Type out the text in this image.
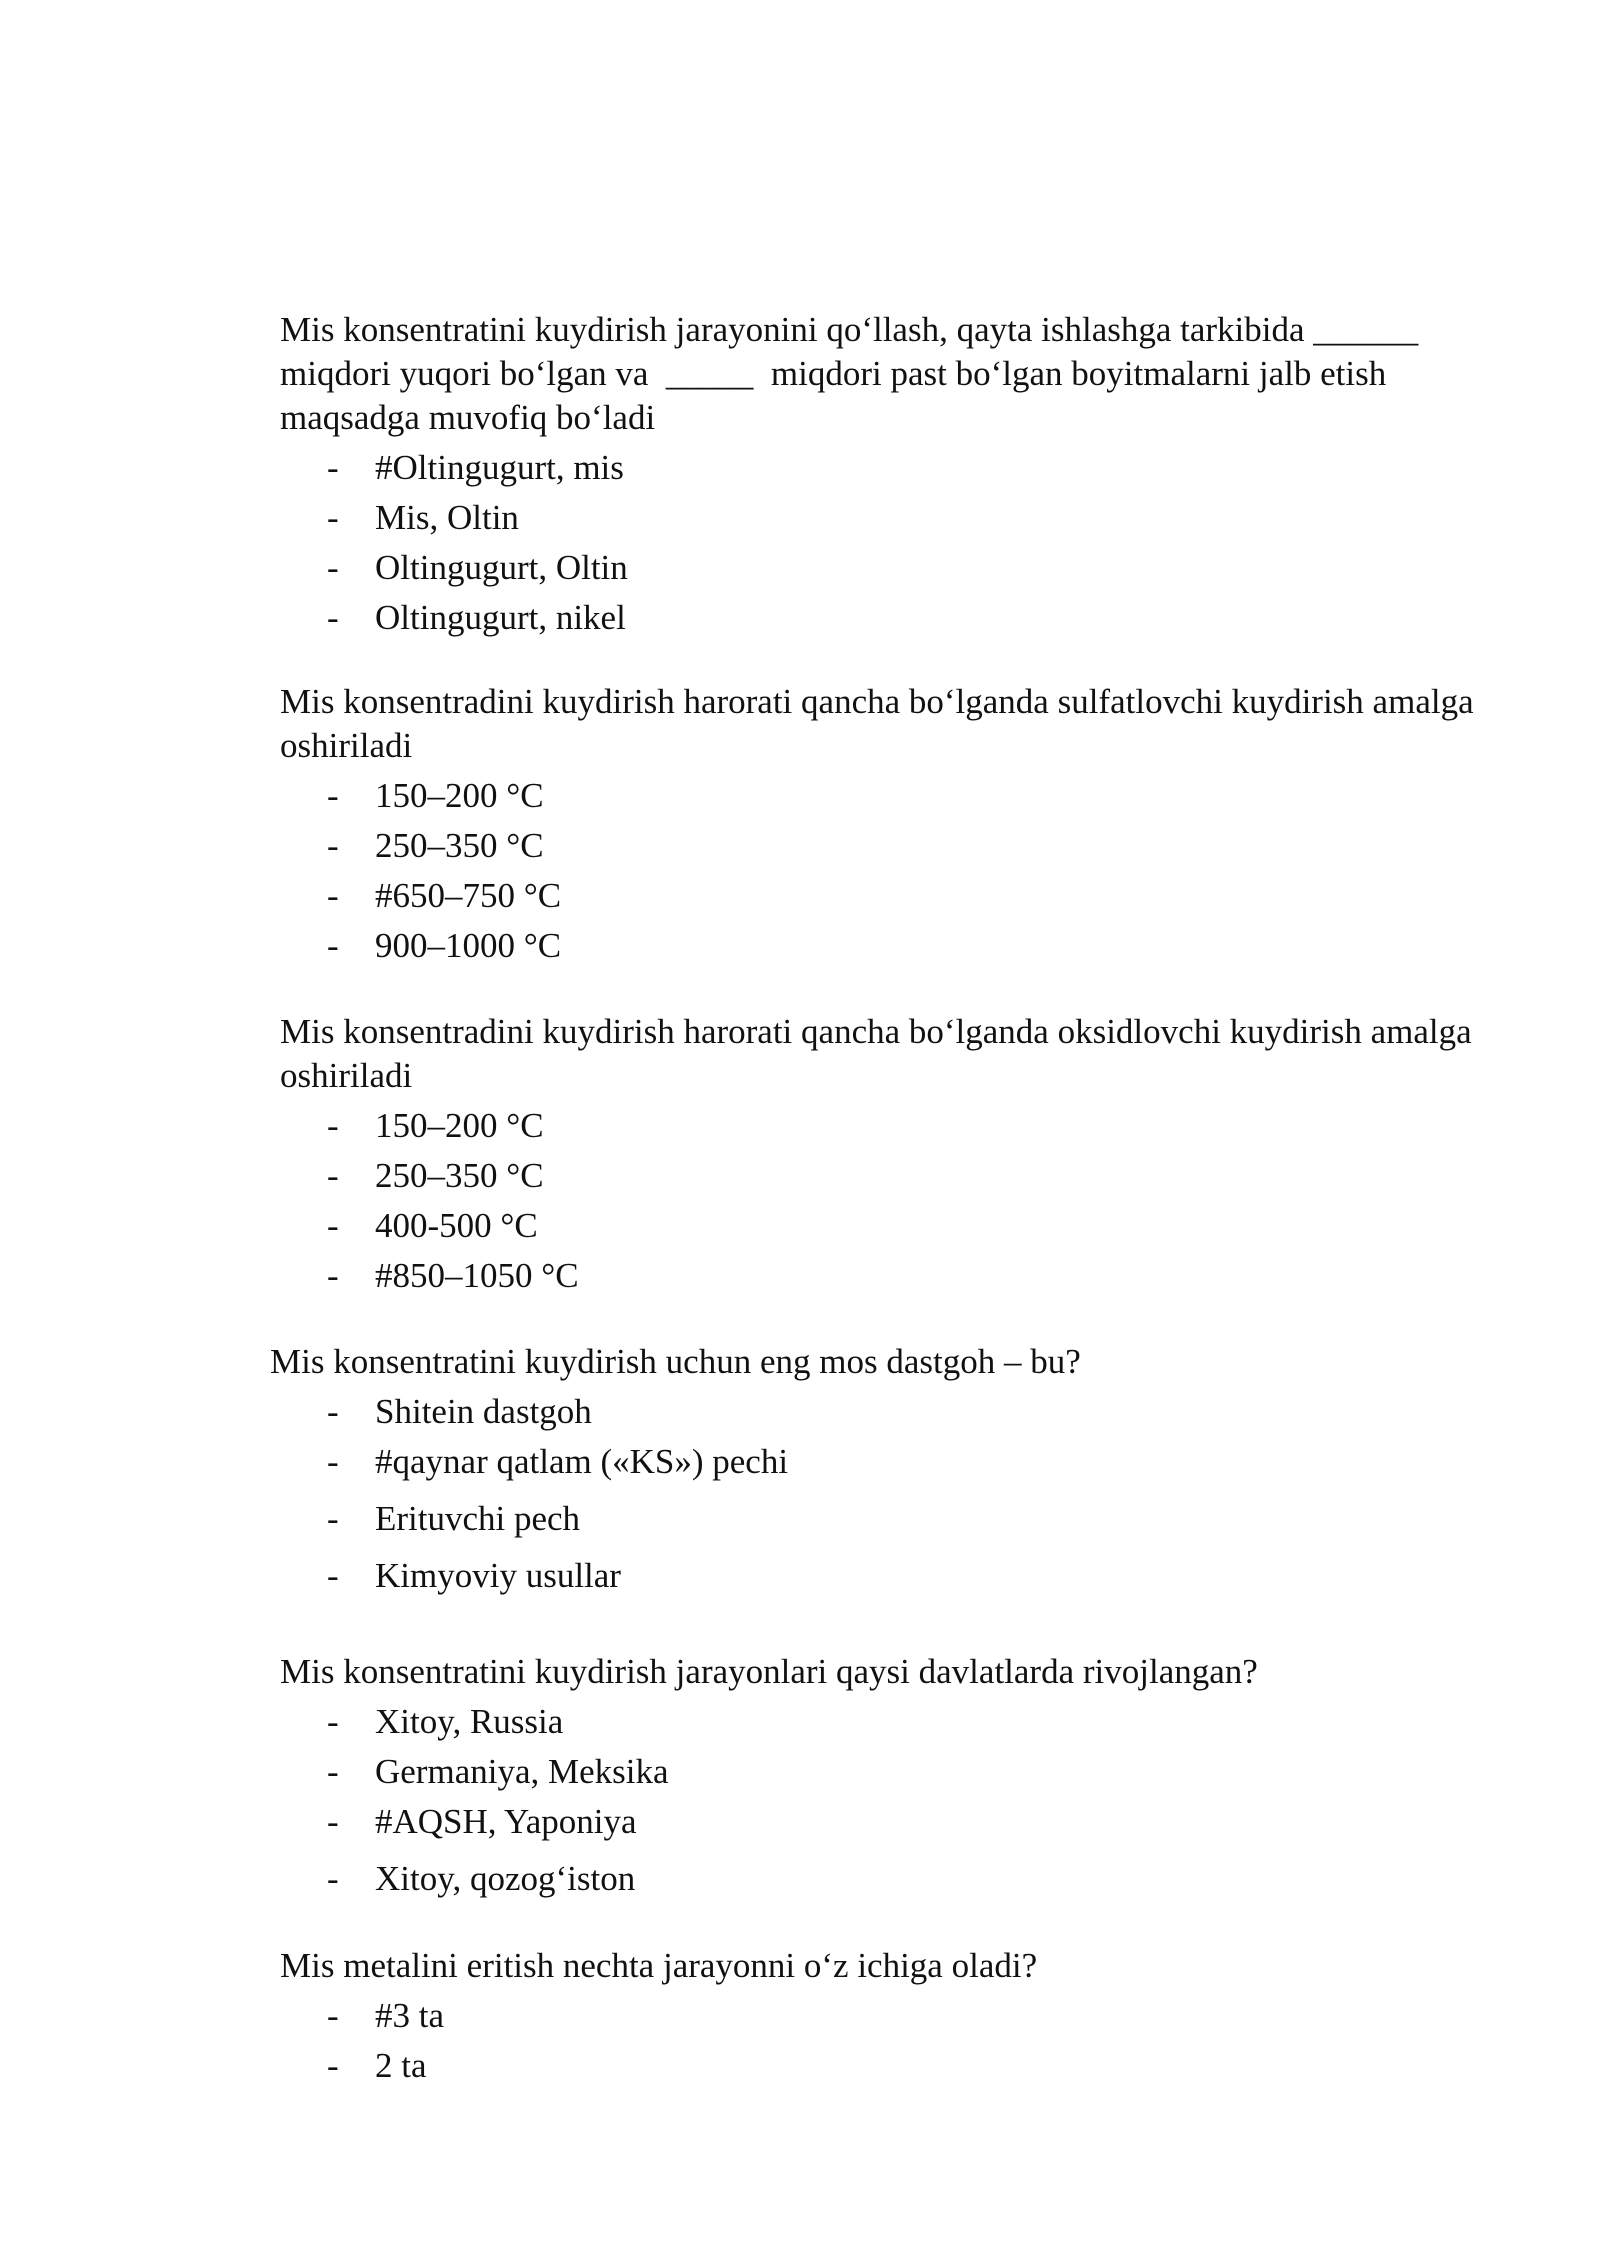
Mis konsentratini kuydirish jarayonini qo‘llash, qayta ishlashga tarkibida ______  miqdori yuqori bo‘lgan va  _____  miqdori past bo‘lgan boyitmalarni jalb etish maqsadga muvofiq bo‘ladi

- #Oltingugurt, mis
- Mis, Oltin
- Oltingugurt, Oltin
- Oltingugurt, nikel

Mis konsentradini kuydirish harorati qancha bo‘lganda sulfatlovchi kuydirish amalga oshiriladi

- 150–200 °C
- 250–350 °C
- #650–750 °C
- 900–1000 °C

Mis konsentradini kuydirish harorati qancha bo‘lganda oksidlovchi kuydirish amalga oshiriladi

- 150–200 °C
- 250–350 °C
- 400-500 °C
- #850–1050 °C

Mis konsentratini kuydirish uchun eng mos dastgoh – bu?

- Shitein dastgoh
- #qaynar qatlam («KS») pechi
- Erituvchi pech
- Kimyoviy usullar

Mis konsentratini kuydirish jarayonlari qaysi davlatlarda rivojlangan?

- Xitoy, Russia
- Germaniya, Meksika
- #AQSH, Yaponiya
- Xitoy, qozog‘iston

Mis metalini eritish nechta jarayonni o‘z ichiga oladi?

- #3 ta
- 2 ta
